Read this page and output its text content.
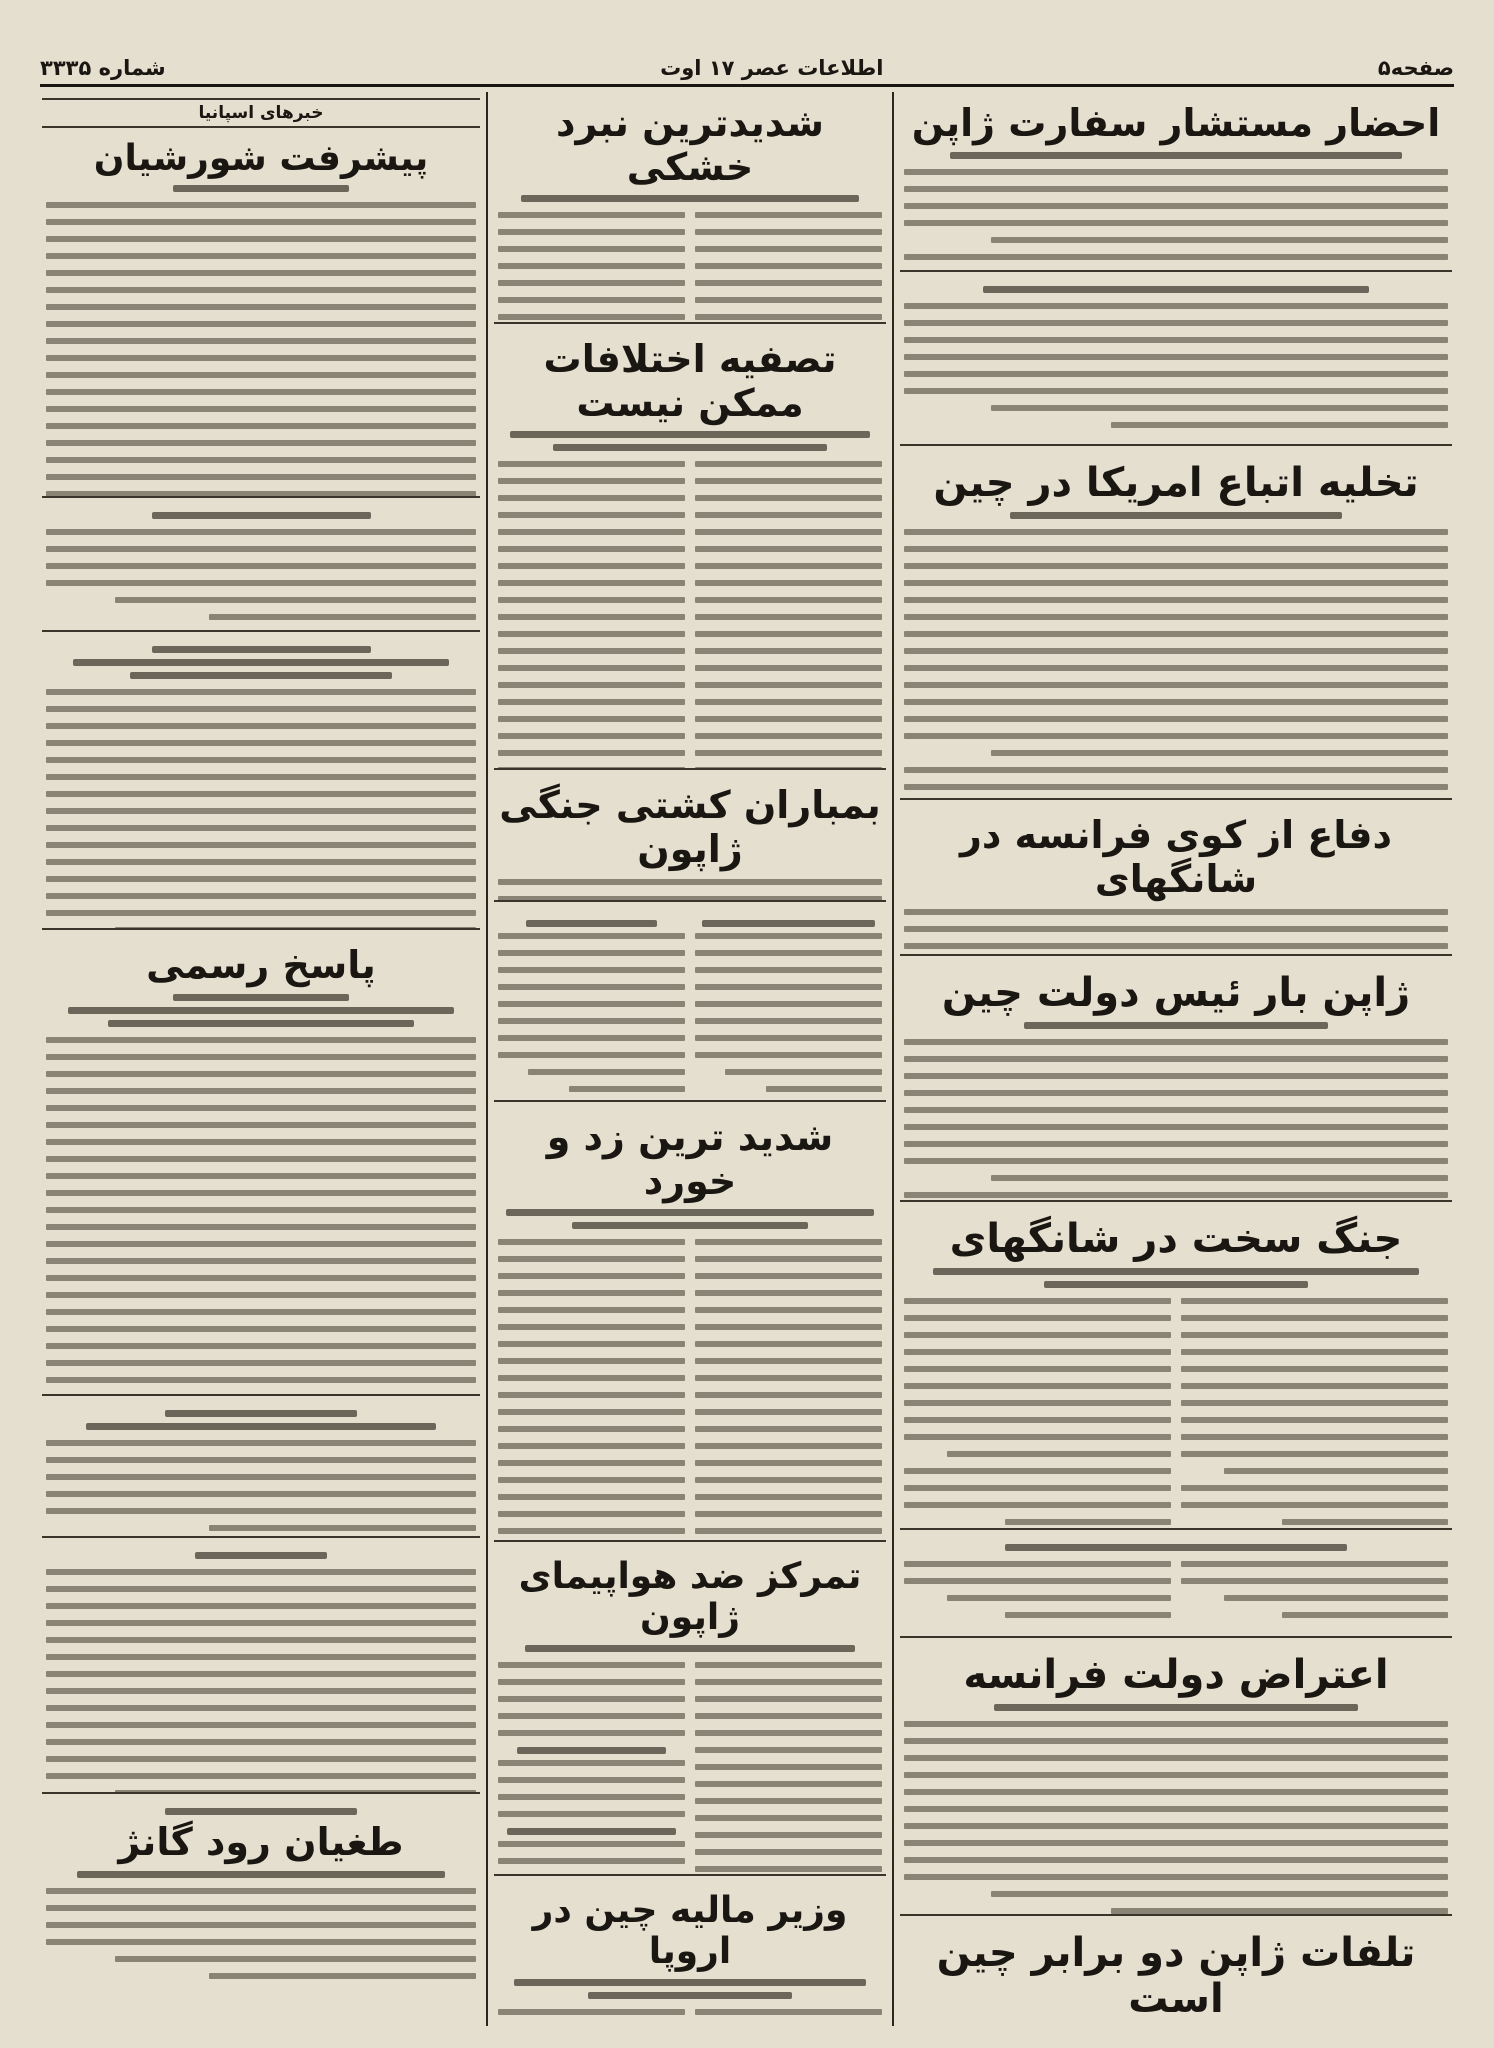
صفحه۵
اطلاعات عصر ۱۷ اوت
شماره ۳۳۳۵
احضار مستشار سفارت ژاپن
تخلیه اتباع امریکا در چین
دفاع از کوی فرانسه در شانگهای
ژاپن بار ئیس دولت چین
جنگ سخت در شانگهای
اعتراض دولت فرانسه
تلفات ژاپن دو برابر چین است
شدیدترین نبرد خشکی
تصفیه اختلافات ممکن نیست
بمباران کشتی جنگی ژاپون
شدید ترین زد و خورد
تمرکز ضد هواپیمای ژاپون
وزیر مالیه چین در اروپا
خبرهای اسپانیا
پیشرفت شورشیان
پاسخ رسمی
طغیان رود گانژ
